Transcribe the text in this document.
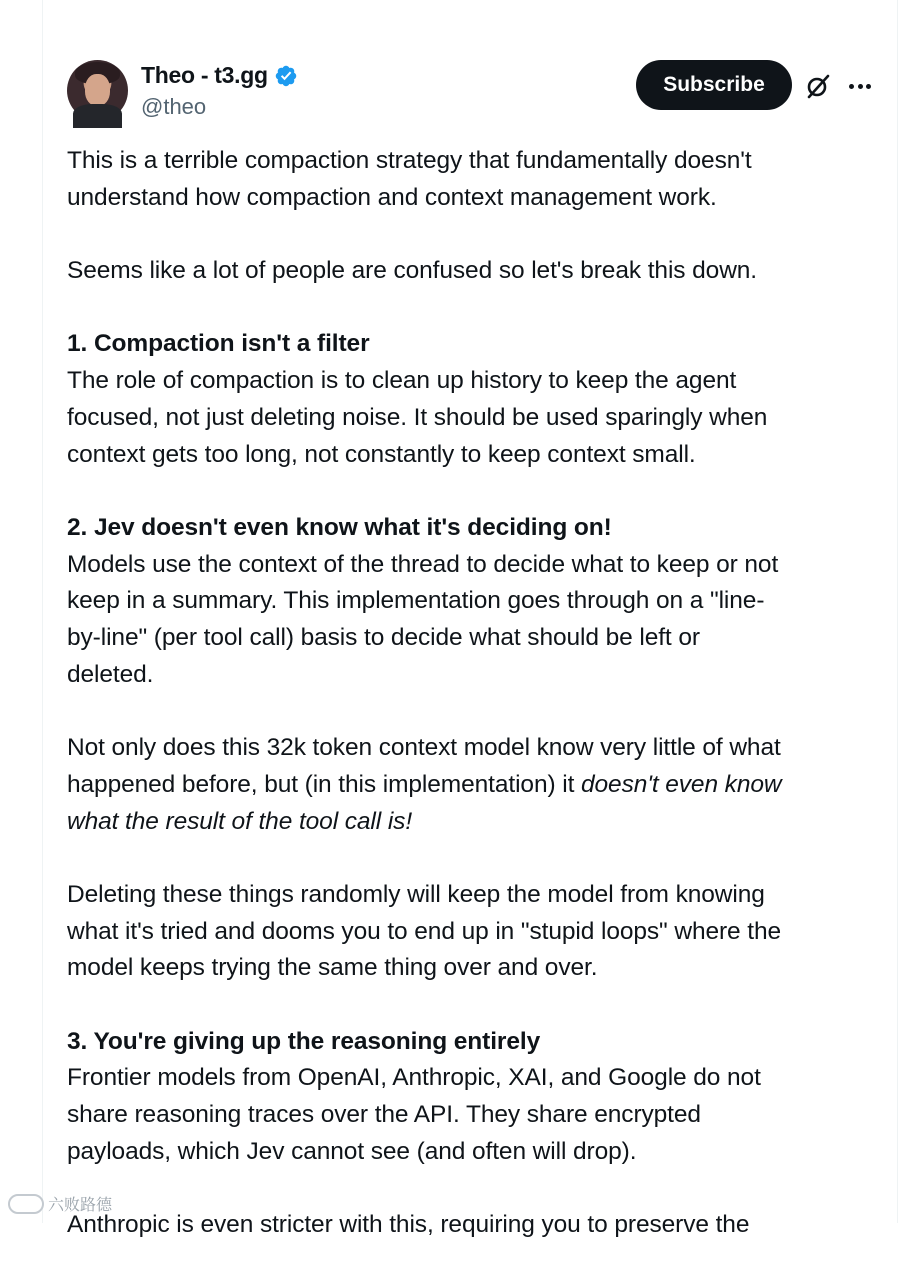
Theo - t3.gg
@theo
Subscribe
This is a terrible compaction strategy that fundamentally doesn't
understand how compaction and context management work.
Seems like a lot of people are confused so let's break this down.
1. Compaction isn't a filter
The role of compaction is to clean up history to keep the agent
focused, not just deleting noise. It should be used sparingly when
context gets too long, not constantly to keep context small.
2. Jev doesn't even know what it's deciding on!
Models use the context of the thread to decide what to keep or not
keep in a summary. This implementation goes through on a "line-
by-line" (per tool call) basis to decide what should be left or
deleted.
Not only does this 32k token context model know very little of what
happened before, but (in this implementation) it doesn't even know
what the result of the tool call is!
Deleting these things randomly will keep the model from knowing
what it's tried and dooms you to end up in "stupid loops" where the
model keeps trying the same thing over and over.
3. You're giving up the reasoning entirely
Frontier models from OpenAI, Anthropic, XAI, and Google do not
share reasoning traces over the API. They share encrypted
payloads, which Jev cannot see (and often will drop).
Anthropic is even stricter with this, requiring you to preserve the
六败路德
